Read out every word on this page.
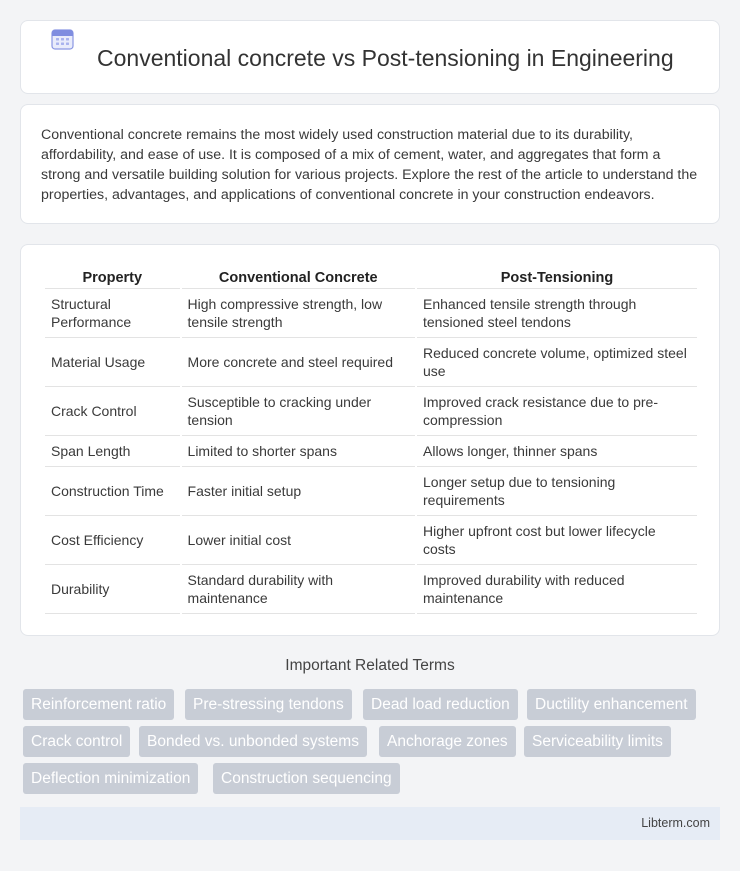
Conventional concrete vs Post-tensioning in Engineering

Conventional concrete remains the most widely used construction material due to its durability, affordability, and ease of use. It is composed of a mix of cement, water, and aggregates that form a strong and versatile building solution for various projects. Explore the rest of the article to understand the properties, advantages, and applications of conventional concrete in your construction endeavors.

Property	Conventional Concrete	Post-Tensioning
Structural Performance	High compressive strength, low tensile strength	Enhanced tensile strength through tensioned steel tendons
Material Usage	More concrete and steel required	Reduced concrete volume, optimized steel use
Crack Control	Susceptible to cracking under tension	Improved crack resistance due to pre-compression
Span Length	Limited to shorter spans	Allows longer, thinner spans
Construction Time	Faster initial setup	Longer setup due to tensioning requirements
Cost Efficiency	Lower initial cost	Higher upfront cost but lower lifecycle costs
Durability	Standard durability with maintenance	Improved durability with reduced maintenance
Important Related Terms
Reinforcement ratio	Pre-stressing tendons	Dead load reduction	Ductility enhancement
Crack control	Bonded vs. unbonded systems	Anchorage zones	Serviceability limits
Deflection minimization	Construction sequencing
Libterm.com
